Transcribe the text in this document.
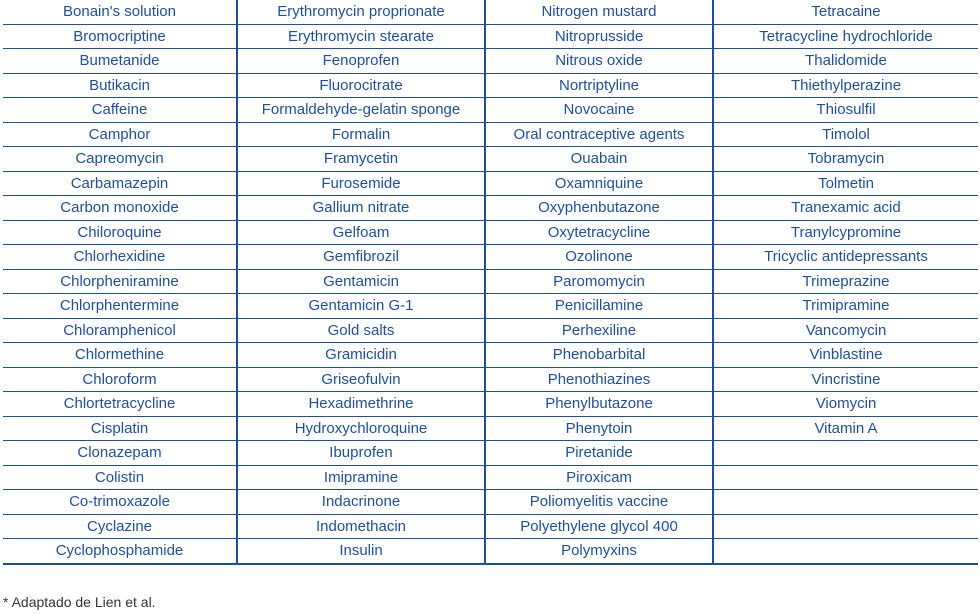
Bonain's solution	Erythromycin proprionate	Nitrogen mustard	Tetracaine
Bromocriptine	Erythromycin stearate	Nitroprusside	Tetracycline hydrochloride
Bumetanide	Fenoprofen	Nitrous oxide	Thalidomide
Butikacin	Fluorocitrate	Nortriptyline	Thiethylperazine
Caffeine	Formaldehyde-gelatin sponge	Novocaine	Thiosulfil
Camphor	Formalin	Oral contraceptive agents	Timolol
Capreomycin	Framycetin	Ouabain	Tobramycin
Carbamazepin	Furosemide	Oxamniquine	Tolmetin
Carbon monoxide	Gallium nitrate	Oxyphenbutazone	Tranexamic acid
Chiloroquine	Gelfoam	Oxytetracycline	Tranylcypromine
Chlorhexidine	Gemfibrozil	Ozolinone	Tricyclic antidepressants
Chlorpheniramine	Gentamicin	Paromomycin	Trimeprazine
Chlorphentermine	Gentamicin G-1	Penicillamine	Trimipramine
Chloramphenicol	Gold salts	Perhexiline	Vancomycin
Chlormethine	Gramicidin	Phenobarbital	Vinblastine
Chloroform	Griseofulvin	Phenothiazines	Vincristine
Chlortetracycline	Hexadimethrine	Phenylbutazone	Viomycin
Cisplatin	Hydroxychloroquine	Phenytoin	Vitamin A
Clonazepam	Ibuprofen	Piretanide	
Colistin	Imipramine	Piroxicam	
Co-trimoxazole	Indacrinone	Poliomyelitis vaccine	
Cyclazine	Indomethacin	Polyethylene glycol 400	
Cyclophosphamide	Insulin	Polymyxins	
* Adaptado de Lien et al.
